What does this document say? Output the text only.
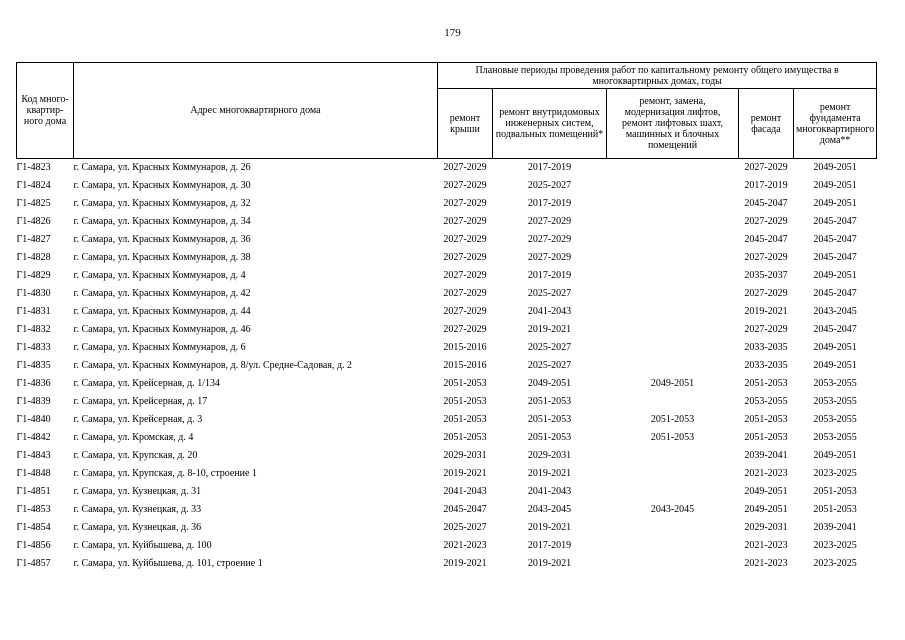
179
Код много-квартир-ного дома	Адрес многоквартирного дома	Плановые периоды проведения работ по капитальному ремонту общего имущества в многоквартирных домах, годы				
		ремонт крыши	ремонт внутридомовых инженерных систем, подвальных помещений*	ремонт, замена, модернизация лифтов, ремонт лифтовых шахт, машинных и блочных помещений	ремонт фасада	ремонт фундамента многоквартирного дома**
Г1-4823	г. Самара, ул. Красных Коммунаров, д. 26	2027-2029	2017-2019		2027-2029	2049-2051
Г1-4824	г. Самара, ул. Красных Коммунаров, д. 30	2027-2029	2025-2027		2017-2019	2049-2051
Г1-4825	г. Самара, ул. Красных Коммунаров, д. 32	2027-2029	2017-2019		2045-2047	2049-2051
Г1-4826	г. Самара, ул. Красных Коммунаров, д. 34	2027-2029	2027-2029		2027-2029	2045-2047
Г1-4827	г. Самара, ул. Красных Коммунаров, д. 36	2027-2029	2027-2029		2045-2047	2045-2047
Г1-4828	г. Самара, ул. Красных Коммунаров, д. 38	2027-2029	2027-2029		2027-2029	2045-2047
Г1-4829	г. Самара, ул. Красных Коммунаров, д. 4	2027-2029	2017-2019		2035-2037	2049-2051
Г1-4830	г. Самара, ул. Красных Коммунаров, д. 42	2027-2029	2025-2027		2027-2029	2045-2047
Г1-4831	г. Самара, ул. Красных Коммунаров, д. 44	2027-2029	2041-2043		2019-2021	2043-2045
Г1-4832	г. Самара, ул. Красных Коммунаров, д. 46	2027-2029	2019-2021		2027-2029	2045-2047
Г1-4833	г. Самара, ул. Красных Коммунаров, д. 6	2015-2016	2025-2027		2033-2035	2049-2051
Г1-4835	г. Самара, ул. Красных Коммунаров, д. 8/ул. Средне-Садовая, д. 2	2015-2016	2025-2027		2033-2035	2049-2051
Г1-4836	г. Самара, ул. Крейсерная, д. 1/134	2051-2053	2049-2051	2049-2051	2051-2053	2053-2055
Г1-4839	г. Самара, ул. Крейсерная, д. 17	2051-2053	2051-2053		2053-2055	2053-2055
Г1-4840	г. Самара, ул. Крейсерная, д. 3	2051-2053	2051-2053	2051-2053	2051-2053	2053-2055
Г1-4842	г. Самара, ул. Кромская, д. 4	2051-2053	2051-2053	2051-2053	2051-2053	2053-2055
Г1-4843	г. Самара, ул. Крупская, д. 20	2029-2031	2029-2031		2039-2041	2049-2051
Г1-4848	г. Самара, ул. Крупская, д. 8-10, строение 1	2019-2021	2019-2021		2021-2023	2023-2025
Г1-4851	г. Самара, ул. Кузнецкая, д. 31	2041-2043	2041-2043		2049-2051	2051-2053
Г1-4853	г. Самара, ул. Кузнецкая, д. 33	2045-2047	2043-2045	2043-2045	2049-2051	2051-2053
Г1-4854	г. Самара, ул. Кузнецкая, д. 36	2025-2027	2019-2021		2029-2031	2039-2041
Г1-4856	г. Самара, ул. Куйбышева, д. 100	2021-2023	2017-2019		2021-2023	2023-2025
Г1-4857	г. Самара, ул. Куйбышева, д. 101, строение 1	2019-2021	2019-2021		2021-2023	2023-2025
